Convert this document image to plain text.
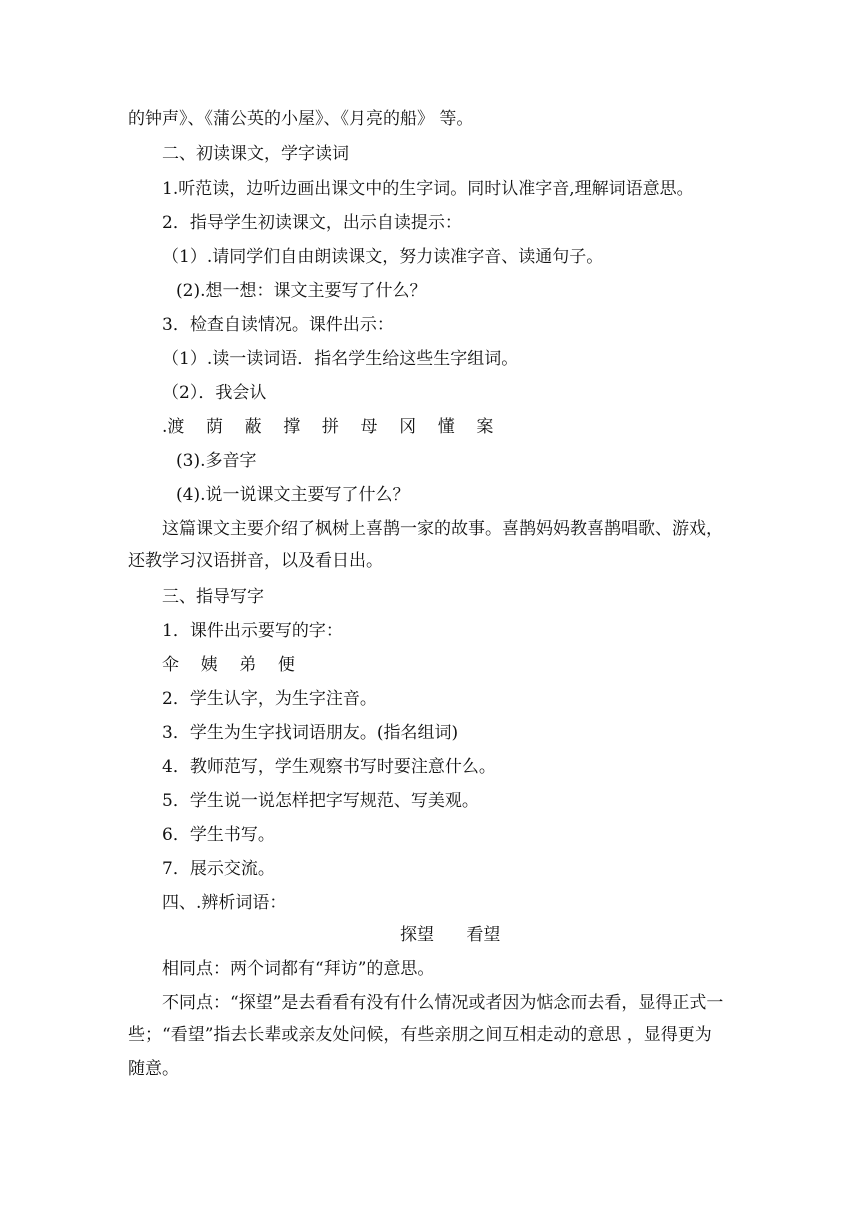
的钟声》、《蒲公英的小屋》、《月亮的船》 等。
二、初读课文，学字读词
1.听范读，边听边画出课文中的生字词。同时认准字音,理解词语意思。
2．指导学生初读课文，出示自读提示：
（1）.请同学们自由朗读课文，努力读准字音、读通句子。
(2).想一想：课文主要写了什么？
3．检查自读情况。课件出示：
（1）.读一读词语．指名学生给这些生字组词。
（2）．我会认
.渡    荫    蔽    撑    拼    母    冈    懂    案
(3).多音字
(4).说一说课文主要写了什么？
这篇课文主要介绍了枫树上喜鹊一家的故事。喜鹊妈妈教喜鹊唱歌、游戏，
还教学习汉语拼音，以及看日出。
三、指导写字
1．课件出示要写的字：
伞    姨    弟    便
2．学生认字，为生字注音。
3．学生为生字找词语朋友。(指名组词)
4．教师范写，学生观察书写时要注意什么。
5．学生说一说怎样把字写规范、写美观。
6．学生书写。
7．展示交流。
四、.辨析词语：
探望      看望
相同点：两个词都有“拜访”的意思。
不同点：“探望”是去看看有没有什么情况或者因为惦念而去看，显得正式一
些；“看望”指去长辈或亲友处问候，有些亲朋之间互相走动的意思 ，显得更为
随意。
